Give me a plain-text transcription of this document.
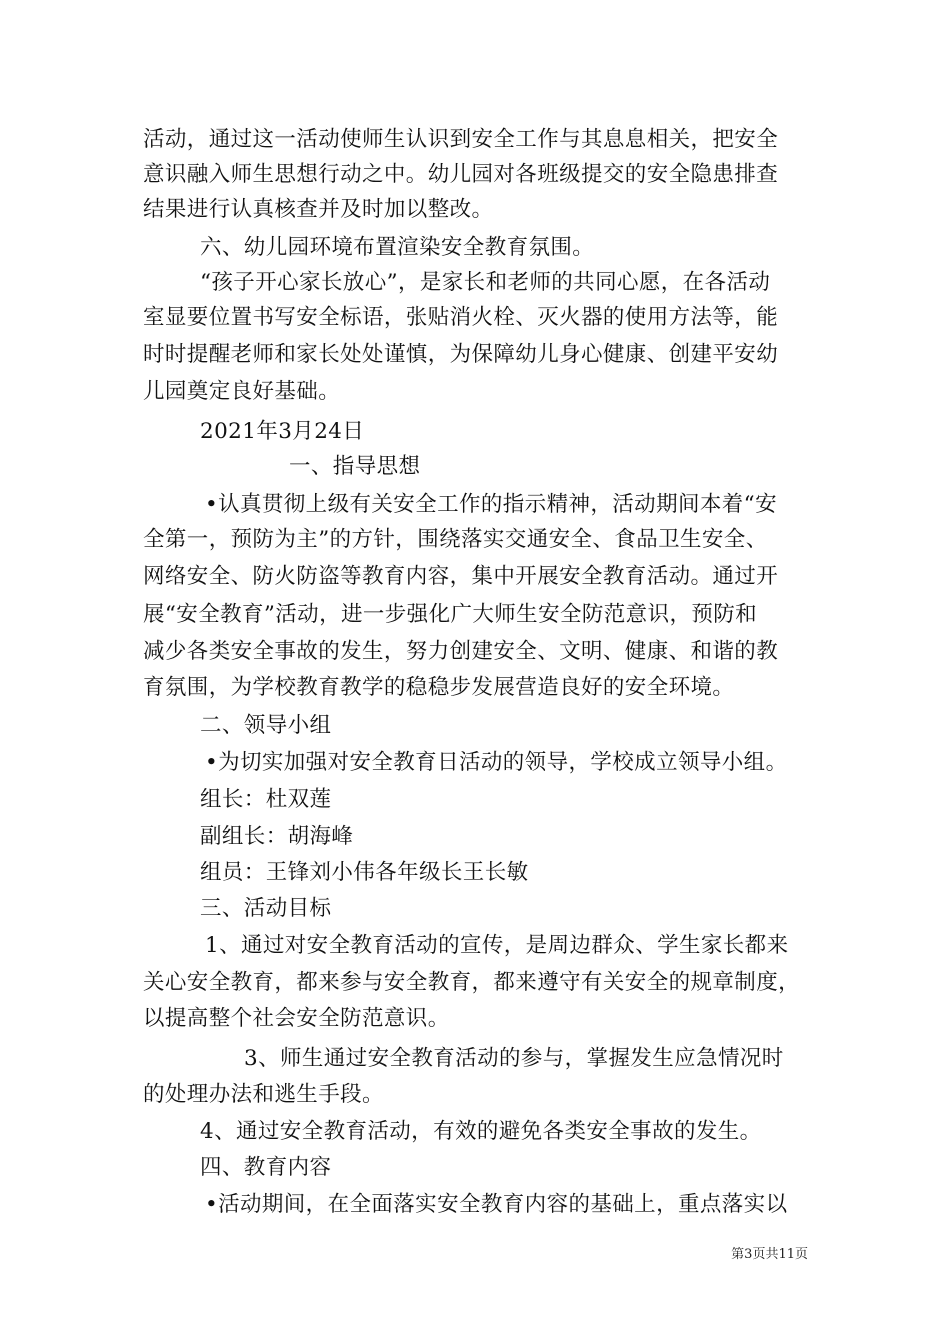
活动，通过这一活动使师生认识到安全工作与其息息相关，把安全
意识融入师生思想行动之中。幼儿园对各班级提交的安全隐患排查
结果进行认真核查并及时加以整改。
六、幼儿园环境布置渲染安全教育氛围。
“孩子开心家长放心”，是家长和老师的共同心愿，在各活动
室显要位置书写安全标语，张贴消火栓、灭火器的使用方法等，能
时时提醒老师和家长处处谨慎，为保障幼儿身心健康、创建平安幼
儿园奠定良好基础。
2021年3月24日
一、指导思想
•认真贯彻上级有关安全工作的指示精神，活动期间本着“安
全第一，预防为主”的方针，围绕落实交通安全、食品卫生安全、
网络安全、防火防盗等教育内容，集中开展安全教育活动。通过开
展“安全教育”活动，进一步强化广大师生安全防范意识，预防和
减少各类安全事故的发生，努力创建安全、文明、健康、和谐的教
育氛围，为学校教育教学的稳稳步发展营造良好的安全环境。
二、领导小组
•为切实加强对安全教育日活动的领导，学校成立领导小组。
组长：杜双莲
副组长：胡海峰
组员：王锋刘小伟各年级长王长敏
三、活动目标
1、通过对安全教育活动的宣传，是周边群众、学生家长都来
关心安全教育，都来参与安全教育，都来遵守有关安全的规章制度，
以提高整个社会安全防范意识。
3、师生通过安全教育活动的参与，掌握发生应急情况时
的处理办法和逃生手段。
4、通过安全教育活动，有效的避免各类安全事故的发生。
四、教育内容
•活动期间，在全面落实安全教育内容的基础上，重点落实以
第3页共11页
